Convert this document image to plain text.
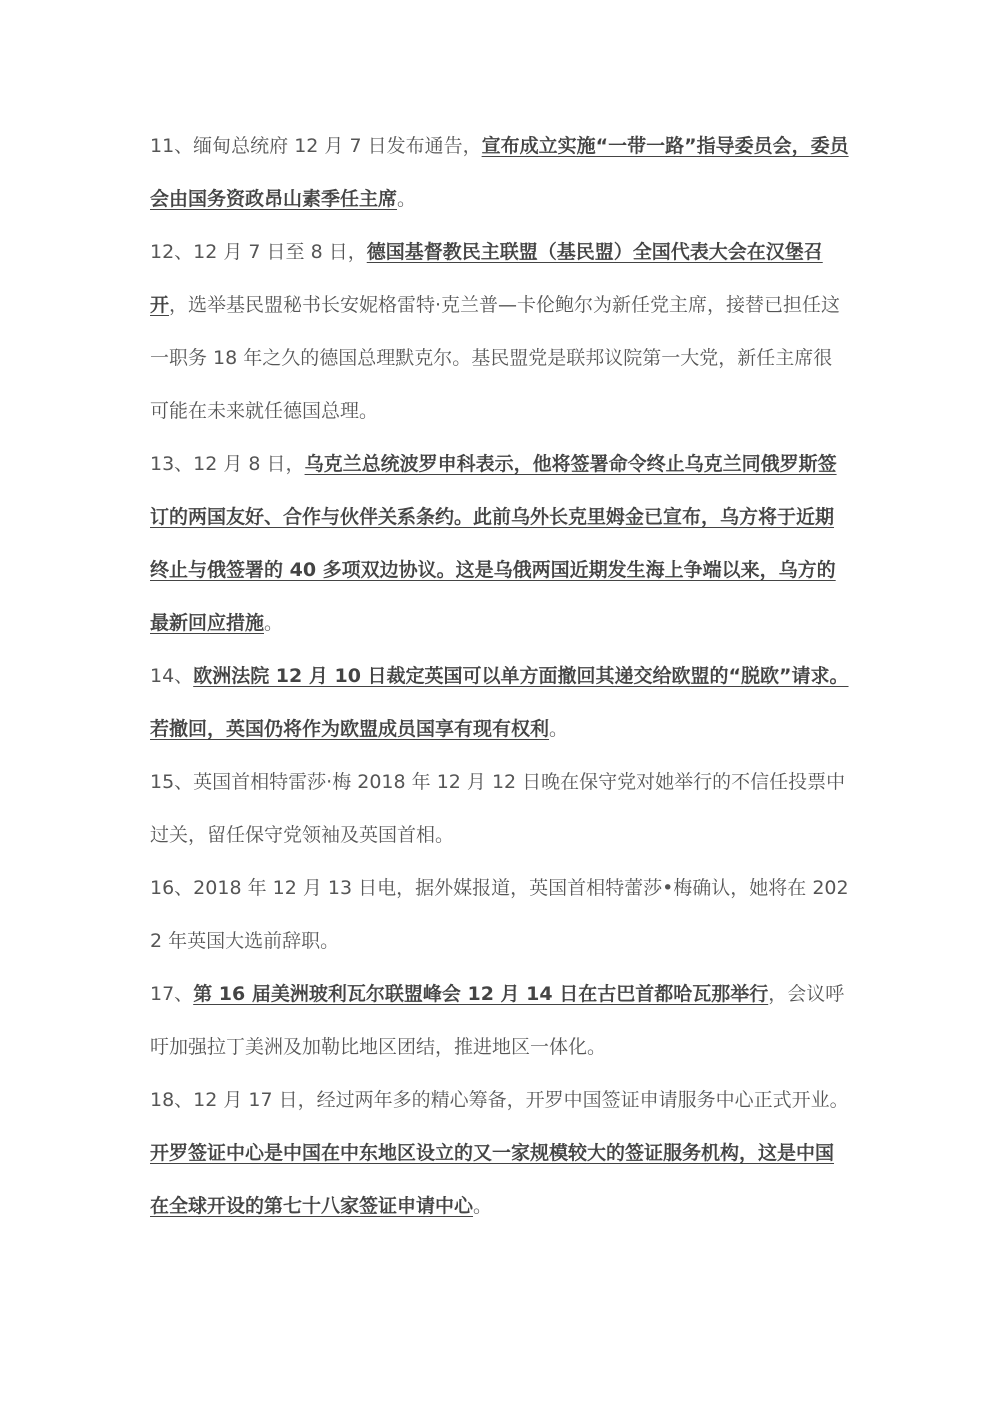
11、缅甸总统府 12 月 7 日发布通告，宣布成立实施“一带一路”指导委员会，委员会由国务资政昂山素季任主席。

12、12 月 7 日至 8 日，德国基督教民主联盟（基民盟）全国代表大会在汉堡召开，选举基民盟秘书长安妮格雷特·克兰普—卡伦鲍尔为新任党主席，接替已担任这一职务 18 年之久的德国总理默克尔。基民盟党是联邦议院第一大党，新任主席很可能在未来就任德国总理。

13、12 月 8 日，乌克兰总统波罗申科表示，他将签署命令终止乌克兰同俄罗斯签订的两国友好、合作与伙伴关系条约。此前乌外长克里姆金已宣布，乌方将于近期终止与俄签署的 40 多项双边协议。这是乌俄两国近期发生海上争端以来，乌方的最新回应措施。

14、欧洲法院 12 月 10 日裁定英国可以单方面撤回其递交给欧盟的“脱欧”请求。若撤回，英国仍将作为欧盟成员国享有现有权利。

15、英国首相特雷莎·梅 2018 年 12 月 12 日晚在保守党对她举行的不信任投票中过关，留任保守党领袖及英国首相。

16、2018 年 12 月 13 日电，据外媒报道，英国首相特蕾莎•梅确认，她将在 2022 年英国大选前辞职。

17、第 16 届美洲玻利瓦尔联盟峰会 12 月 14 日在古巴首都哈瓦那举行，会议呼吁加强拉丁美洲及加勒比地区团结，推进地区一体化。

18、12 月 17 日，经过两年多的精心筹备，开罗中国签证申请服务中心正式开业。开罗签证中心是中国在中东地区设立的又一家规模较大的签证服务机构，这是中国在全球开设的第七十八家签证申请中心。
